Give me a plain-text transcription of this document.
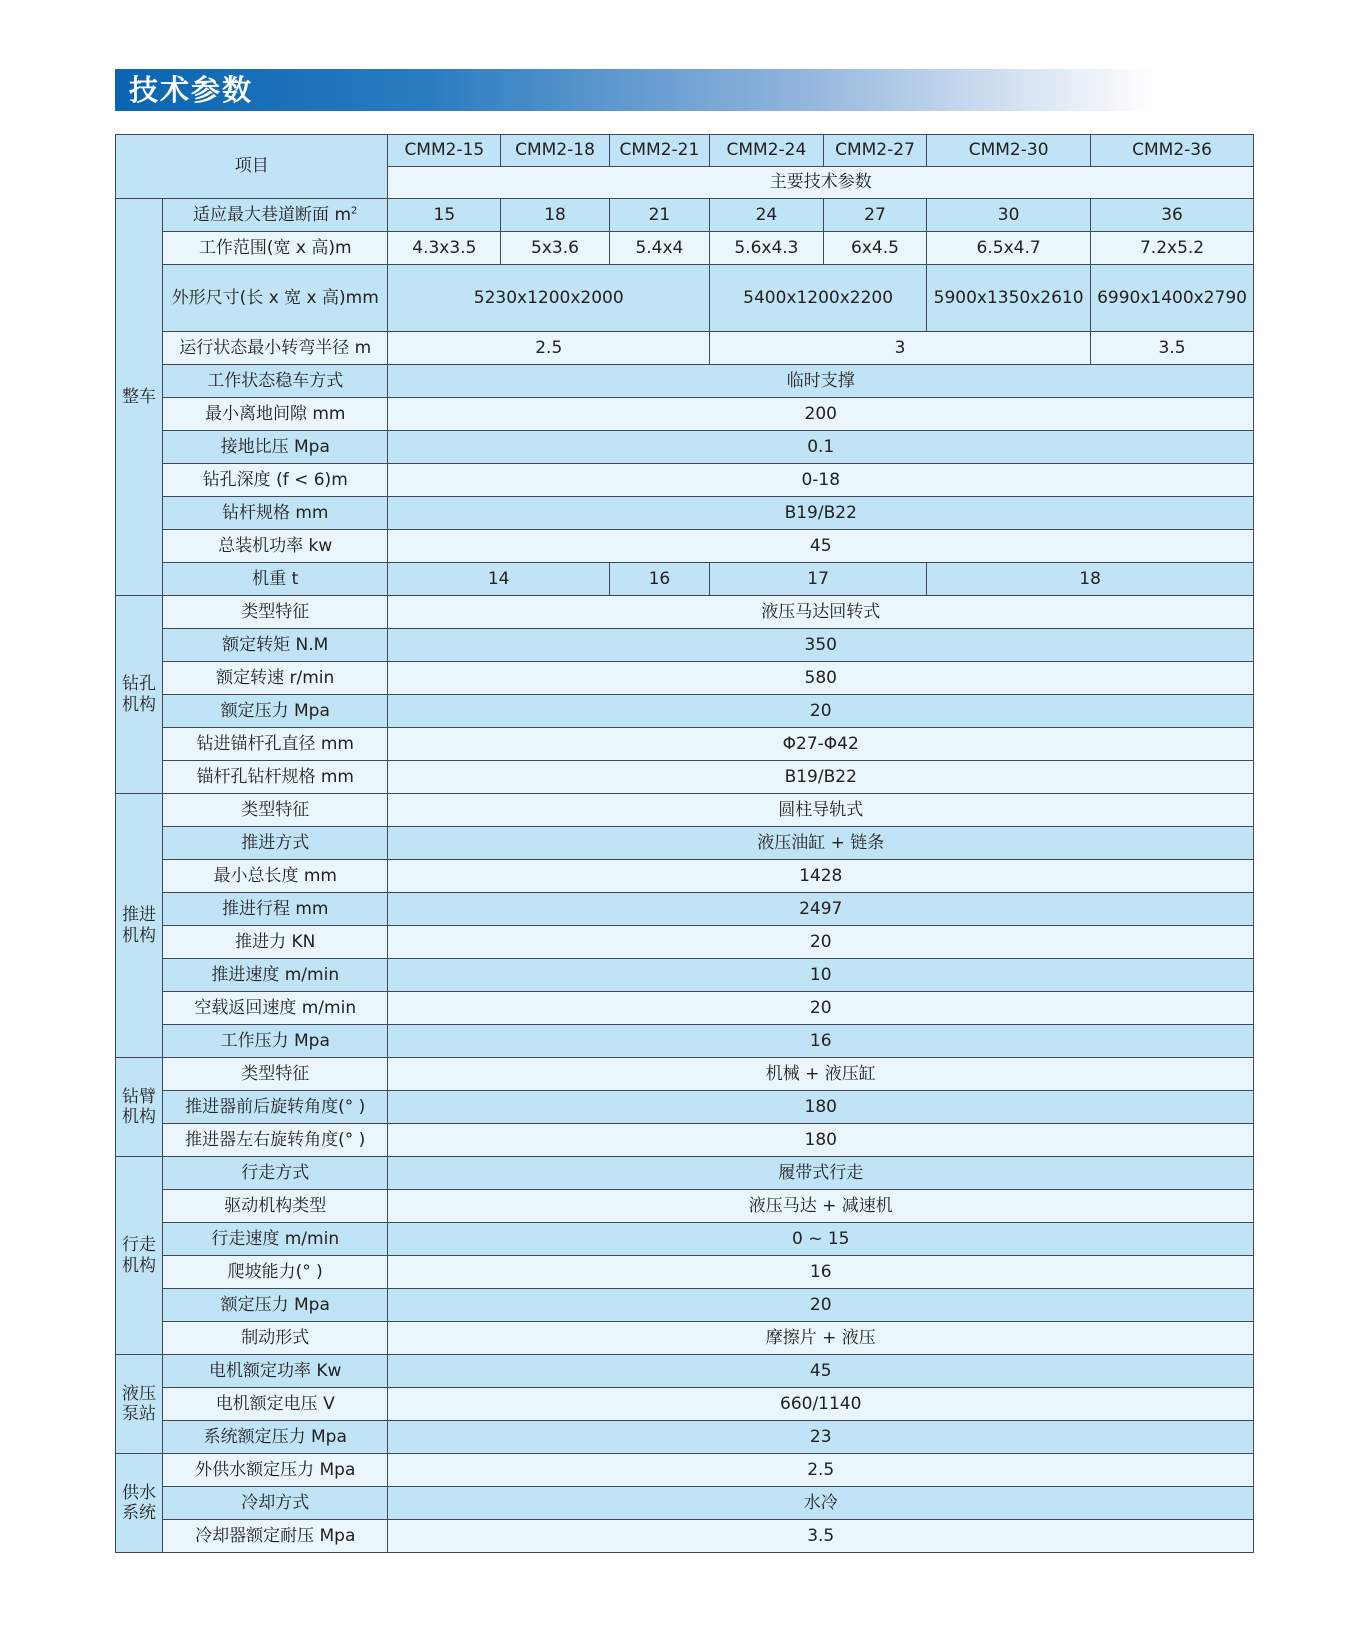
技术参数
项目		CMM2-15	CMM2-18	CMM2-21	CMM2-24	CMM2-27	CMM2-30	CMM2-36
		主要技术参数						
整车	适应最大巷道断面 $m^2$	15	18	21	24	27	30	36
	工作范围(宽 x 高)m	4.3x3.5	5x3.6	5.4x4	5.6x4.3	6x4.5	6.5x4.7	7.2x5.2
	外形尺寸(长 x 宽 x 高)mm	5230x1200x2000			5400x1200x2200		5900x1350x2610	6990x1400x2790
	运行状态最小转弯半径 m	2.5			3			3.5
	工作状态稳车方式	临时支撑						
	最小离地间隙 mm	200						
	接地比压 Mpa	0.1						
	钻孔深度 (f < 6)m	0-18						
	钻杆规格 mm	B19/B22						
	总装机功率 kw	45						
	机重 t	14		16	17		18	
钻孔机构	类型特征	液压马达回转式						
	额定转矩 N.M	350						
	额定转速 r/min	580						
	额定压力 Mpa	20						
	钻进锚杆孔直径 mm	Φ27-Φ42						
	锚杆孔钻杆规格 mm	B19/B22						
推进机构	类型特征	圆柱导轨式						
	推进方式	液压油缸 + 链条						
	最小总长度 mm	1428						
	推进行程 mm	2497						
	推进力 KN	20						
	推进速度 m/min	10						
	空载返回速度 m/min	20						
	工作压力 Mpa	16						
钻臂机构	类型特征	机械 + 液压缸						
	推进器前后旋转角度(° )	180						
	推进器左右旋转角度(° )	180						
行走机构	行走方式	履带式行走						
	驱动机构类型	液压马达 + 减速机						
	行走速度 m/min	0 ~ 15						
	爬坡能力(° )	16						
	额定压力 Mpa	20						
	制动形式	摩擦片 + 液压						
液压泵站	电机额定功率 Kw	45						
	电机额定电压 V	660/1140						
	系统额定压力 Mpa	23						
供水系统	外供水额定压力 Mpa	2.5						
	冷却方式	水冷						
	冷却器额定耐压 Mpa	3.5						
